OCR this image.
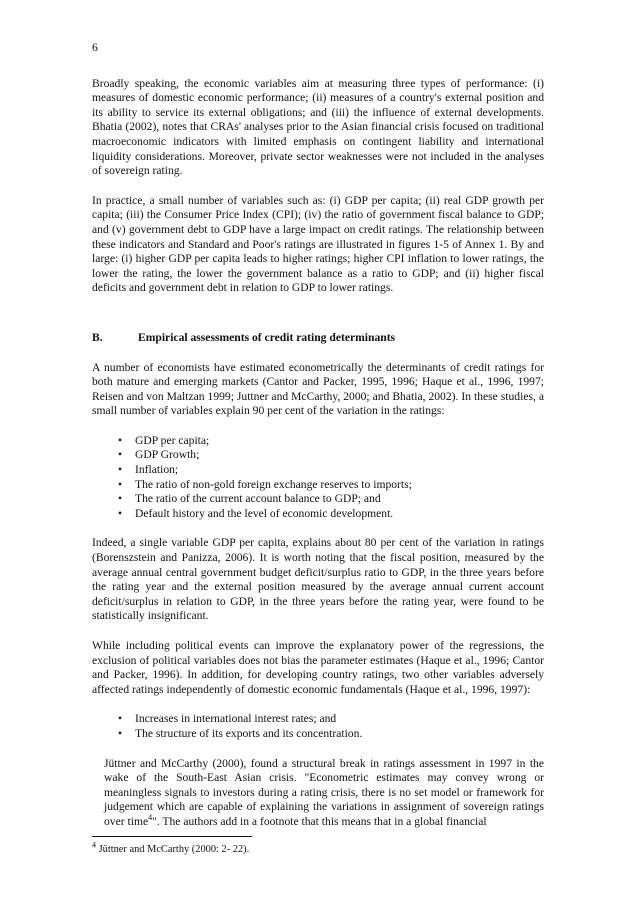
6

Broadly speaking, the economic variables aim at measuring three types of performance: (i) measures of domestic economic performance; (ii) measures of a country's external position and its ability to service its external obligations; and (iii) the influence of external developments. Bhatia (2002), notes that CRAs' analyses prior to the Asian financial crisis focused on traditional macroeconomic indicators with limited emphasis on contingent liability and international liquidity considerations. Moreover, private sector weaknesses were not included in the analyses of sovereign rating.

In practice, a small number of variables such as: (i) GDP per capita; (ii) real GDP growth per capita; (iii) the Consumer Price Index (CPI); (iv) the ratio of government fiscal balance to GDP; and (v) government debt to GDP have a large impact on credit ratings. The relationship between these indicators and Standard and Poor's ratings are illustrated in figures 1-5 of Annex 1. By and large: (i) higher GDP per capita leads to higher ratings; higher CPI inflation to lower ratings, the lower the rating, the lower the government balance as a ratio to GDP; and (ii) higher fiscal deficits and government debt in relation to GDP to lower ratings.

B.	Empirical assessments of credit rating determinants

A number of economists have estimated econometrically the determinants of credit ratings for both mature and emerging markets (Cantor and Packer, 1995, 1996; Haque et al., 1996, 1997; Reisen and von Maltzan 1999; Juttner and McCarthy, 2000; and Bhatia, 2002). In these studies, a small number of variables explain 90 per cent of the variation in the ratings:

•	GDP per capita;
•	GDP Growth;
•	Inflation;
•	The ratio of non-gold foreign exchange reserves to imports;
•	The ratio of the current account balance to GDP; and
•	Default history and the level of economic development.

Indeed, a single variable GDP per capita, explains about 80 per cent of the variation in ratings (Borenszstein and Panizza, 2006). It is worth noting that the fiscal position, measured by the average annual central government budget deficit/surplus ratio to GDP, in the three years before the rating year and the external position measured by the average annual current account deficit/surplus in relation to GDP, in the three years before the rating year, were found to be statistically insignificant.

While including political events can improve the explanatory power of the regressions, the exclusion of political variables does not bias the parameter estimates (Haque et al., 1996; Cantor and Packer, 1996). In addition, for developing country ratings, two other variables adversely affected ratings independently of domestic economic fundamentals (Haque et al., 1996, 1997):

•	Increases in international interest rates; and
•	The structure of its exports and its concentration.

Jüttner and McCarthy (2000), found a structural break in ratings assessment in 1997 in the wake of the South-East Asian crisis. "Econometric estimates may convey wrong or meaningless signals to investors during a rating crisis, there is no set model or framework for judgement which are capable of explaining the variations in assignment of sovereign ratings over time$^4$". The authors add in a footnote that this means that in a global financial

$^4$ Jüttner and McCarthy (2000: 2- 22).
